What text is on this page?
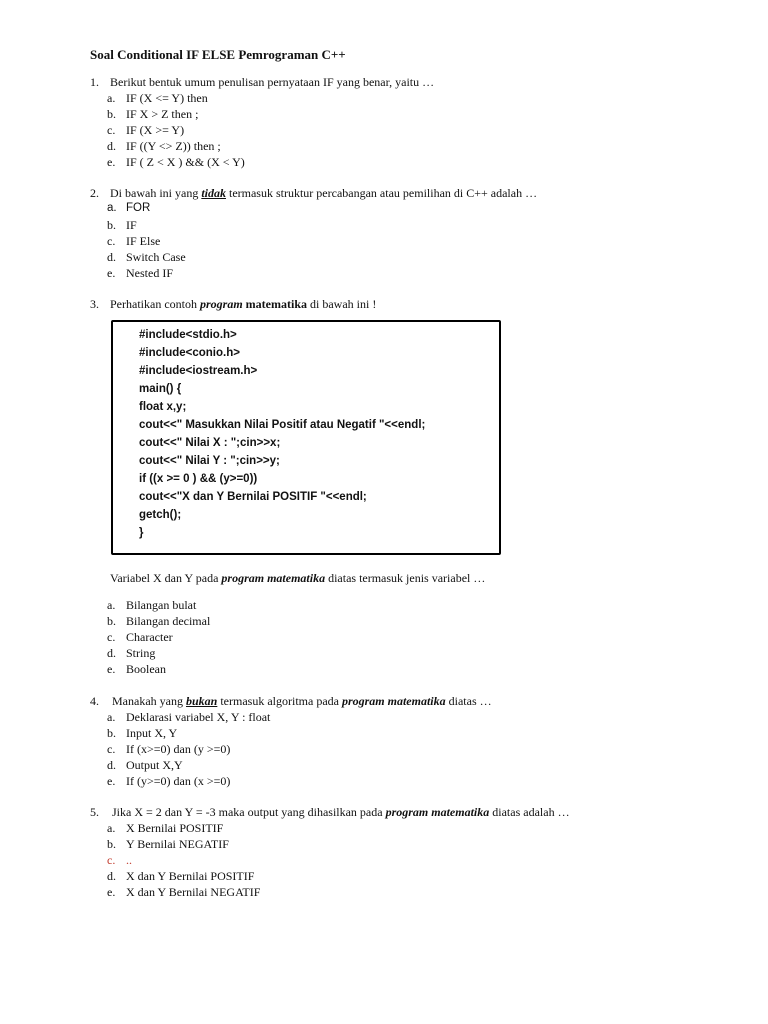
Soal Conditional IF ELSE Pemrograman C++
1. Berikut bentuk umum penulisan pernyataan IF yang benar, yaitu …
a. IF (X <= Y) then
b. IF X > Z then ;
c. IF (X >= Y)
d. IF ((Y <> Z)) then ;
e. IF ( Z < X ) && (X < Y)
2. Di bawah ini yang tidak termasuk struktur percabangan atau pemilihan di C++ adalah …
a. FOR
b. IF
c. IF Else
d. Switch Case
e. Nested IF
3. Perhatikan contoh program matematika di bawah ini !
#include<stdio.h>
#include<conio.h>
#include<iostream.h>
main() {
float x,y;
cout<<" Masukkan Nilai Positif atau Negatif "<<endl;
cout<<" Nilai X : ";cin>>x;
cout<<" Nilai Y : ";cin>>y;
if ((x >= 0 ) && (y>=0))
cout<<"X dan Y Bernilai POSITIF "<<endl;
getch();
}
Variabel X dan Y pada program matematika diatas termasuk jenis variabel …
a. Bilangan bulat
b. Bilangan decimal
c. Character
d. String
e. Boolean
4. Manakah yang bukan termasuk algoritma pada program matematika diatas …
a. Deklarasi variabel X, Y : float
b. Input X, Y
c. If (x>=0) dan (y >=0)
d. Output X,Y
e. If (y>=0) dan (x >=0)
5. Jika X = 2 dan Y = -3 maka output yang dihasilkan pada program matematika diatas adalah …
a. X Bernilai POSITIF
b. Y Bernilai NEGATIF
c. ..
d. X dan Y Bernilai POSITIF
e. X dan Y Bernilai NEGATIF
